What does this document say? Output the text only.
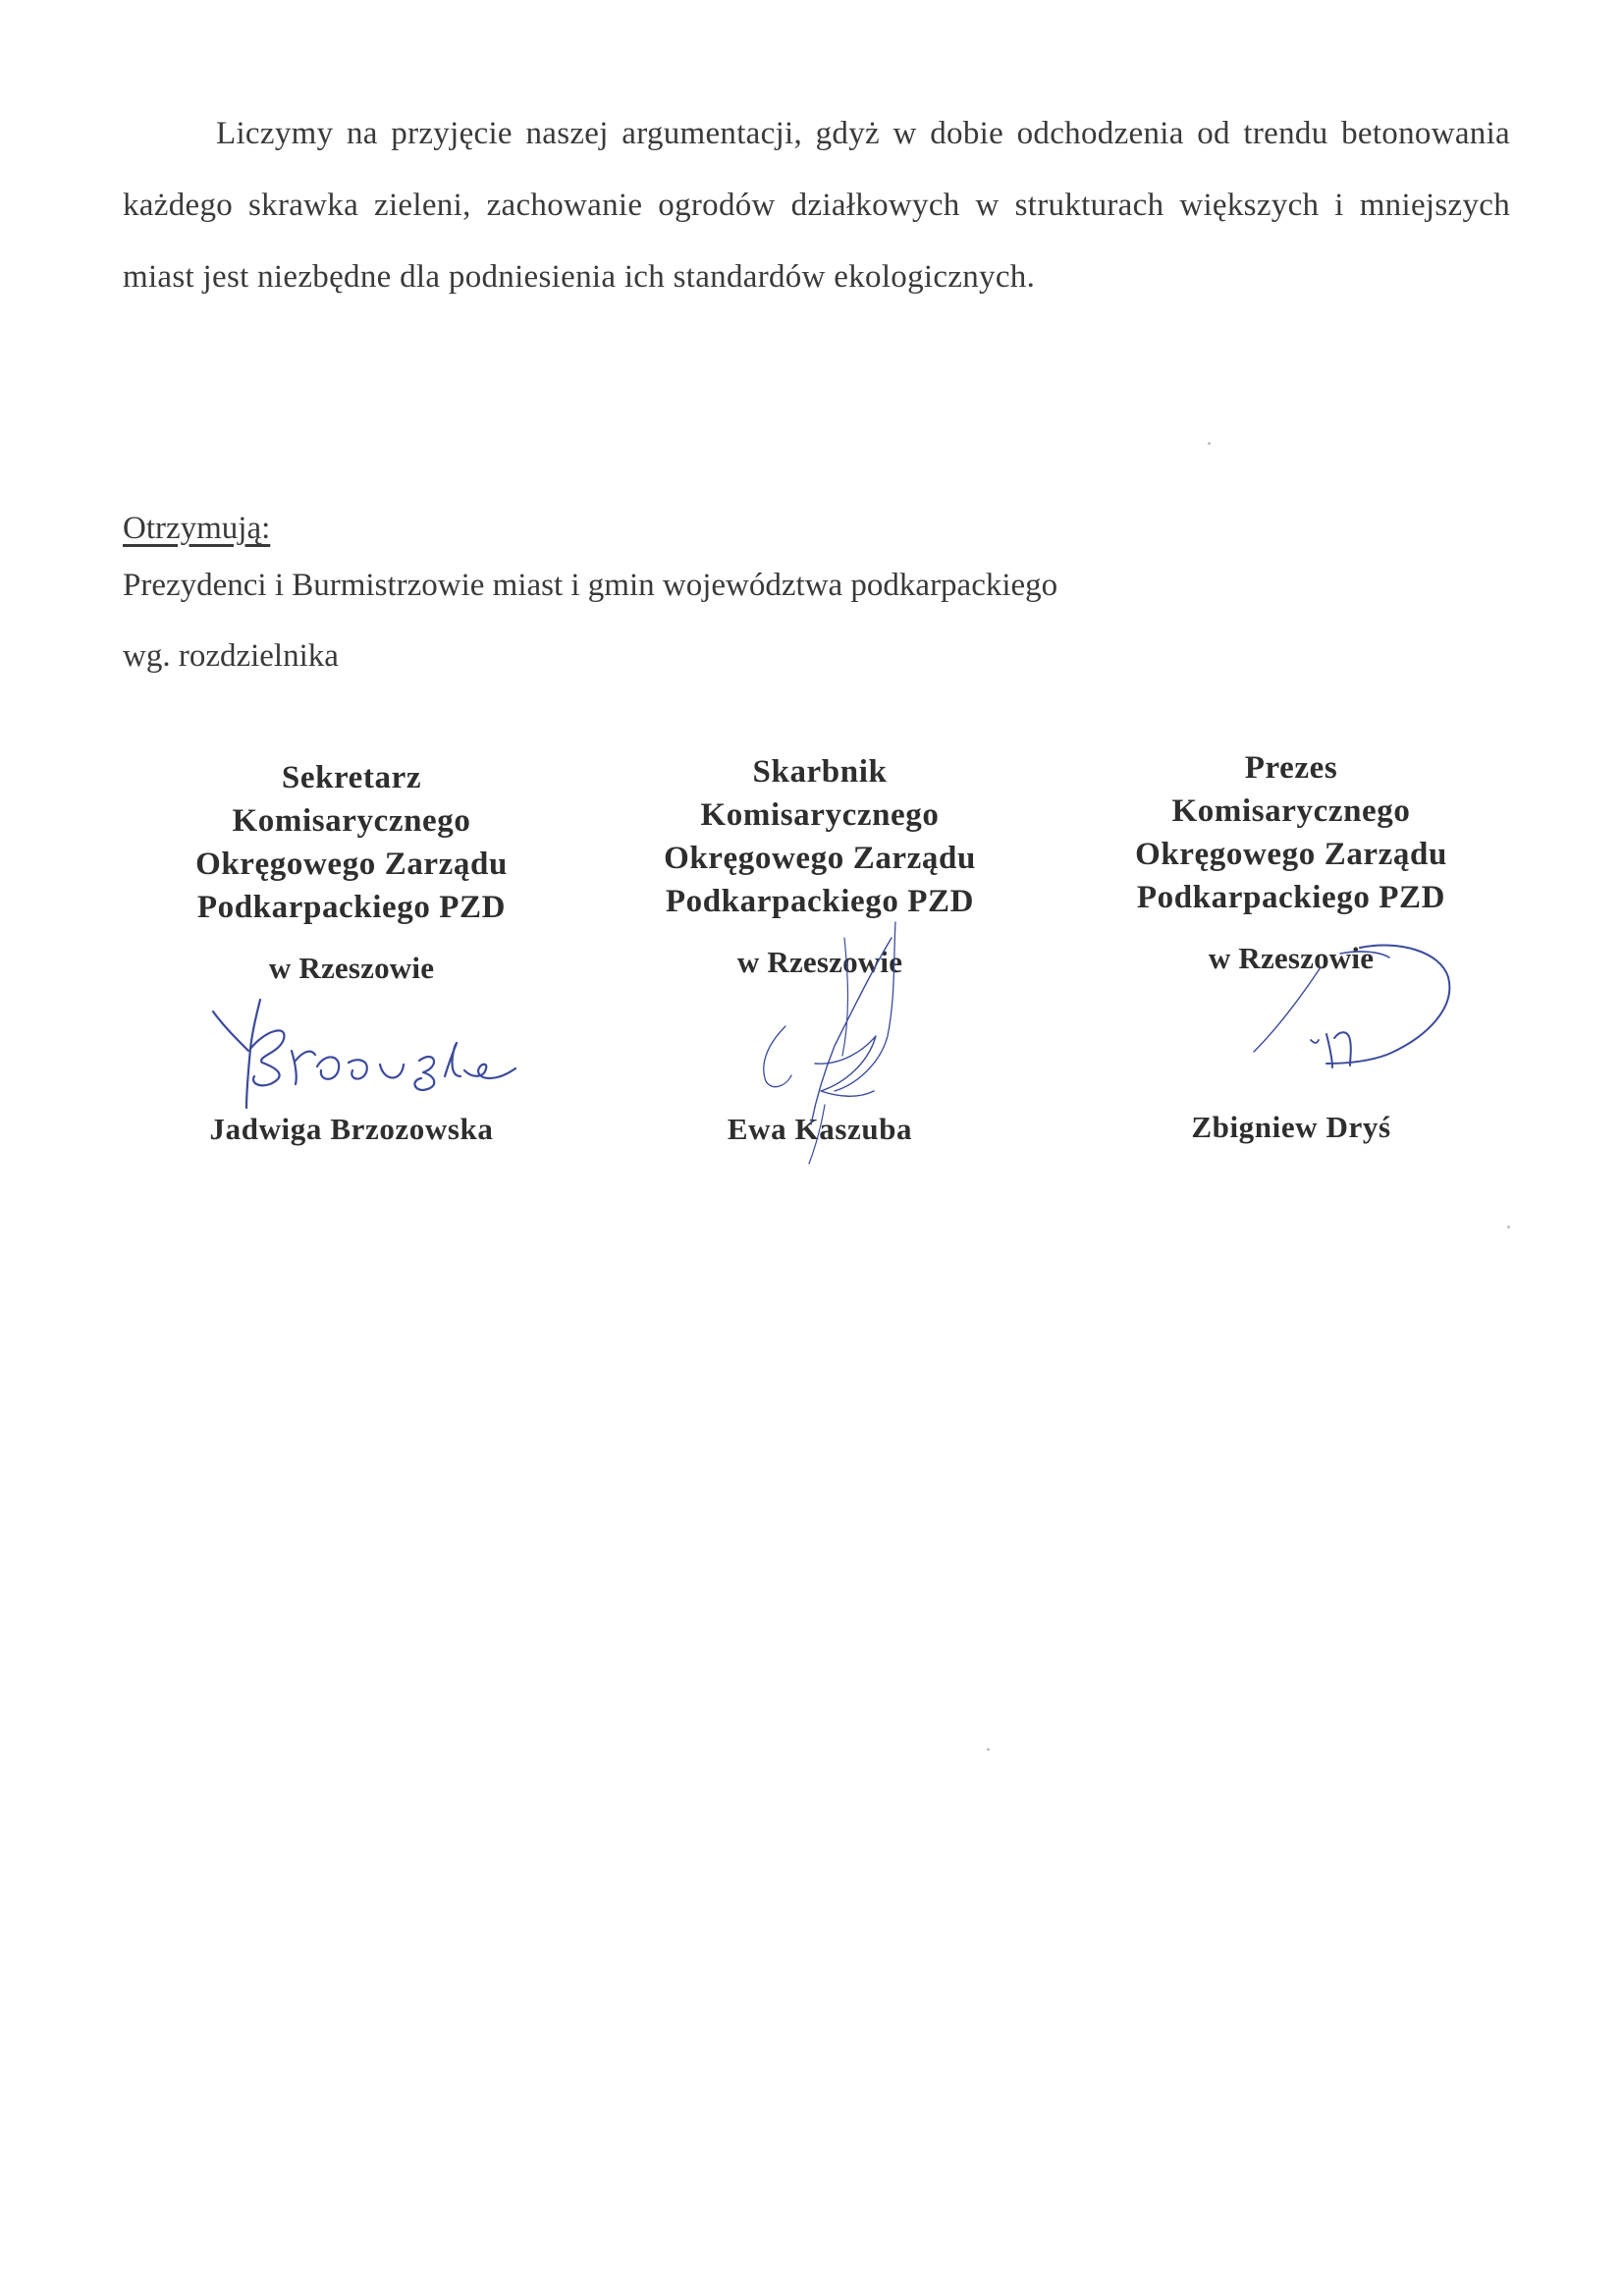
Liczymy na przyjęcie naszej argumentacji, gdyż w dobie odchodzenia od trendu betonowania każdego skrawka zieleni, zachowanie ogrodów działkowych w strukturach większych i mniejszych miast jest niezbędne dla podniesienia ich standardów ekologicznych.

Otrzymują:
Prezydenci i Burmistrzowie miast i gmin województwa podkarpackiego
wg. rozdzielnika
Sekretarz
Komisarycznego
Okręgowego Zarządu
Podkarpackiego PZD
w Rzeszowie
Jadwiga Brzozowska
Skarbnik
Komisarycznego
Okręgowego Zarządu
Podkarpackiego PZD
w Rzeszowie
Ewa Kaszuba
Prezes
Komisarycznego
Okręgowego Zarządu
Podkarpackiego PZD
w Rzeszowie
Zbigniew Dryś
